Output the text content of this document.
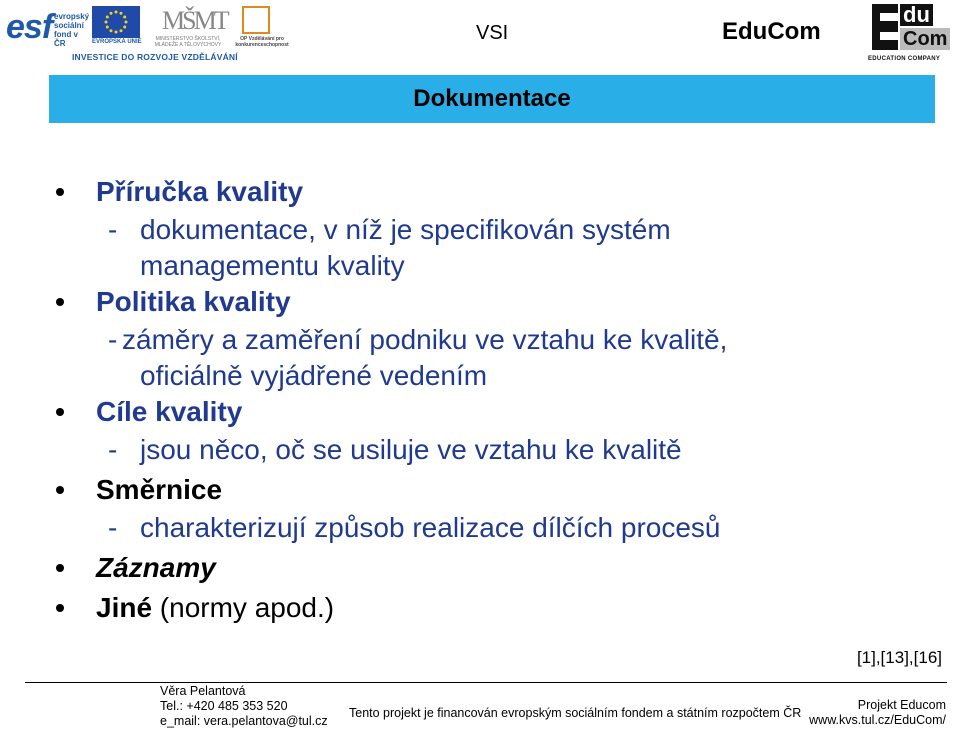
esf evropský
sociální
fond v ČR	EVROPSKÁ UNIE
MŠMT
MINISTERSTVO ŠKOLSTVÍ, MLÁDEŽE A TĚLOVÝCHOVY
OP Vzdělávání pro konkurenceschopnost
INVESTICE DO ROZVOJE VZDĚLÁVÁNÍ
VSI	EduCom
du
Com
EDUCATION COMPANY
Dokumentace
Příručka kvality
- dokumentace, v níž je specifikován systém
managementu kvality
Politika kvality
- záměry a zaměření podniku ve vztahu ke kvalitě,
oficiálně vyjádřené vedením
Cíle kvality
- jsou něco, oč se usiluje ve vztahu ke kvalitě
Směrnice
- charakterizují způsob realizace dílčích procesů
Záznamy
Jiné (normy apod.)
[1],[13],[16]
Věra Pelantová
Tel.: +420 485 353 520
e_mail: vera.pelantova@tul.cz
Tento projekt je financován evropským sociálním fondem a státním rozpočtem ČR
Projekt Educom
www.kvs.tul.cz/EduCom/
